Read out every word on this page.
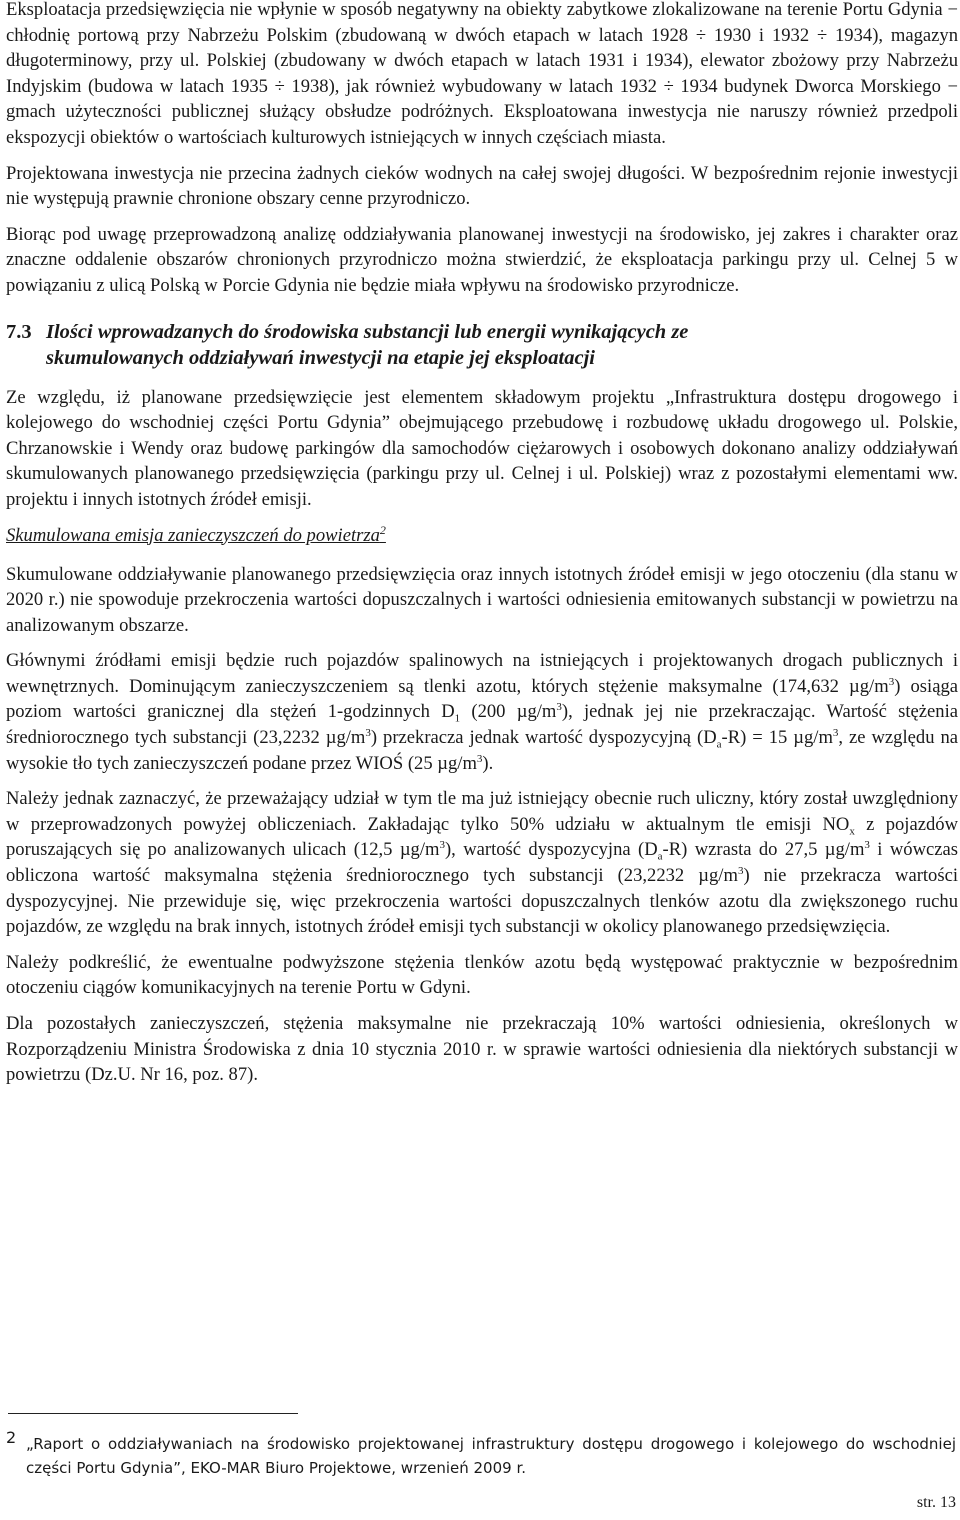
Eksploatacja przedsięwzięcia nie wpłynie w sposób negatywny na obiekty zabytkowe zlokalizowane na terenie Portu Gdynia − chłodnię portową przy Nabrzeżu Polskim (zbudowaną w dwóch etapach w latach 1928 ÷ 1930 i 1932 ÷ 1934), magazyn długoterminowy, przy ul. Polskiej (zbudowany w dwóch etapach w latach 1931 i 1934), elewator zbożowy przy Nabrzeżu Indyjskim (budowa w latach 1935 ÷ 1938), jak również wybudowany w latach 1932 ÷ 1934 budynek Dworca Morskiego − gmach użyteczności publicznej służący obsłudze podróżnych. Eksploatowana inwestycja nie naruszy również przedpoli ekspozycji obiektów o wartościach kulturowych istniejących w innych częściach miasta.

Projektowana inwestycja nie przecina żadnych cieków wodnych na całej swojej długości. W bezpośrednim rejonie inwestycji nie występują prawnie chronione obszary cenne przyrodniczo.

Biorąc pod uwagę przeprowadzoną analizę oddziaływania planowanej inwestycji na środowisko, jej zakres i charakter oraz znaczne oddalenie obszarów chronionych przyrodniczo można stwierdzić, że eksploatacja parkingu przy ul. Celnej 5 w powiązaniu z ulicą Polską w Porcie Gdynia nie będzie miała wpływu na środowisko przyrodnicze.

7.3 Ilości wprowadzanych do środowiska substancji lub energii wynikających ze
skumulowanych oddziaływań inwestycji na etapie jej eksploatacji

Ze względu, iż planowane przedsięwzięcie jest elementem składowym projektu „Infrastruktura dostępu drogowego i kolejowego do wschodniej części Portu Gdynia” obejmującego przebudowę i rozbudowę układu drogowego ul. Polskie, Chrzanowskie i Wendy oraz budowę parkingów dla samochodów ciężarowych i osobowych dokonano analizy oddziaływań skumulowanych planowanego przedsięwzięcia (parkingu przy ul. Celnej i ul. Polskiej) wraz z pozostałymi elementami ww. projektu i innych istotnych źródeł emisji.

Skumulowana emisja zanieczyszczeń do powietrza$^2$

Skumulowane oddziaływanie planowanego przedsięwzięcia oraz innych istotnych źródeł emisji w jego otoczeniu (dla stanu w 2020 r.) nie spowoduje przekroczenia wartości dopuszczalnych i wartości odniesienia emitowanych substancji w powietrzu na analizowanym obszarze.

Głównymi źródłami emisji będzie ruch pojazdów spalinowych na istniejących i projektowanych drogach publicznych i wewnętrznych. Dominującym zanieczyszczeniem są tlenki azotu, których stężenie maksymalne (174,632 $\mu g/m^3$) osiąga poziom wartości granicznej dla stężeń 1-godzinnych $D_1$ (200 $\mu g/m^3$), jednak jej nie przekraczając. Wartość stężenia średniorocznego tych substancji (23,2232 $\mu g/m^3$) przekracza jednak wartość dyspozycyjną $(D_a-R) = 15$ $\mu g/m^3$, ze względu na wysokie tło tych zanieczyszczeń podane przez WIOŚ (25 $\mu g/m^3$).

Należy jednak zaznaczyć, że przeważający udział w tym tle ma już istniejący obecnie ruch uliczny, który został uwzględniony w przeprowadzonych powyżej obliczeniach. Zakładając tylko 50% udziału w aktualnym tle emisji $NO_x$ z pojazdów poruszających się po analizowanych ulicach (12,5 $\mu g/m^3$), wartość dyspozycyjna $(D_a-R)$ wzrasta do 27,5 $\mu g/m^3$ i wówczas obliczona wartość maksymalna stężenia średniorocznego tych substancji (23,2232 $\mu g/m^3$) nie przekracza wartości dyspozycyjnej. Nie przewiduje się, więc przekroczenia wartości dopuszczalnych tlenków azotu dla zwiększonego ruchu pojazdów, ze względu na brak innych, istotnych źródeł emisji tych substancji w okolicy planowanego przedsięwzięcia.

Należy podkreślić, że ewentualne podwyższone stężenia tlenków azotu będą występować praktycznie w bezpośrednim otoczeniu ciągów komunikacyjnych na terenie Portu w Gdyni.

Dla pozostałych zanieczyszczeń, stężenia maksymalne nie przekraczają 10% wartości odniesienia, określonych w Rozporządzeniu Ministra Środowiska z dnia 10 stycznia 2010 r. w sprawie wartości odniesienia dla niektórych substancji w powietrzu (Dz.U. Nr 16, poz. 87).

2 „Raport o oddziaływaniach na środowisko projektowanej infrastruktury dostępu drogowego i kolejowego do wschodniej części Portu Gdynia”, EKO-MAR Biuro Projektowe, wrzenień 2009 r.
str. 13
